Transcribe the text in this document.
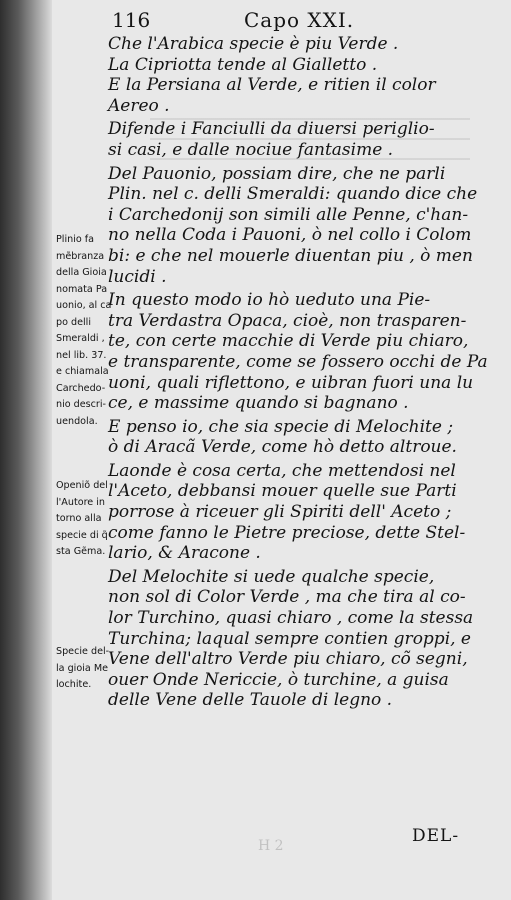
116	Capo XXI.
Che l'Arabica specie è piu Verde .
La Cipriotta tende al Gialletto .
E la Persiana al Verde, e ritien il color
Aereo .
Difende i Fanciulli da diuersi periglio-
si casi, e dalle nociue fantasime .
Del Pauonio, possiam dire, che ne parli
Plin. nel c. delli Smeraldi: quando dice che
i Carchedonij son simili alle Penne, c'han-
no nella Coda i Pauoni, ò nel collo i Colom
bi: e che nel mouerle diuentan piu , ò men
lucidi .
In questo modo io hò ueduto una Pie-
tra Verdastra Opaca, cioè, non trasparen-
te, con certe macchie di Verde piu chiaro,
e transparente, come se fossero occhi de Pa
uoni, quali riflettono, e uibran fuori una lu
ce, e massime quando si bagnano .
E penso io, che sia specie di Melochite ;
ò di Aracã Verde, come hò detto altroue.
Laonde è cosa certa, che mettendosi nel
l'Aceto, debbansi mouer quelle sue Parti
porrose à riceuer gli Spiriti dell' Aceto ;
come fanno le Pietre preciose, dette Stel-
lario, & Aracone .
Del Melochite si uede qualche specie,
non sol di Color Verde , ma che tira al co-
lor Turchino, quasi chiaro , come la stessa
Turchina; laqual sempre contien groppi, e
Vene dell'altro Verde piu chiaro, cõ segni,
ouer Onde Nericcie, ò turchine, a guisa
delle Vene delle Tauole di legno .
Plinio fa
mẽbranza
della Gioia
nomata Pa
uonio, al ca
po delli
Smeraldi ,
nel lib. 37.
e chiamala
Carchedo-
nio descri-
uendola.
Openiõ del
l'Autore in
torno alla
specie di q̃
sta Gẽma.
Specie del-
la gioia Me
lochite.
H 2	DEL-
